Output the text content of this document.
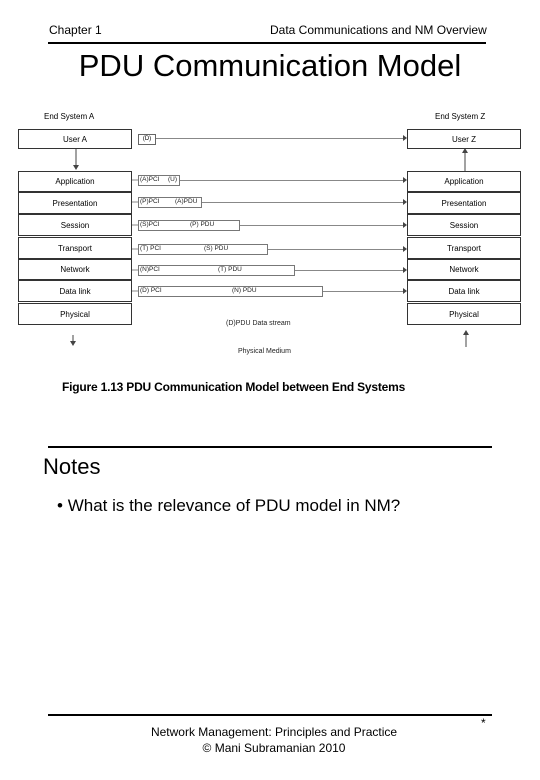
Chapter 1	Data Communications and NM Overview
PDU Communication Model
End System A	End System Z
User A	User Z
(D)
Application
Presentation
Session
Transport
Network
Data link
Physical
Application
Presentation
Session
Transport
Network
Data link
Physical
(A)PCI (U)
(P)PCI (A)PDU
(S)PCI	(P) PDU
(T) PCI	(S) PDU
(N)PCI	(T) PDU
(D) PCI	(N) PDU
(D)PDU Data stream
Physical Medium
Figure 1.13 PDU Communication Model between End Systems
Notes
• What is the relevance of PDU model in NM?
Network Management: Principles and Practice
© Mani Subramanian 2010
*
